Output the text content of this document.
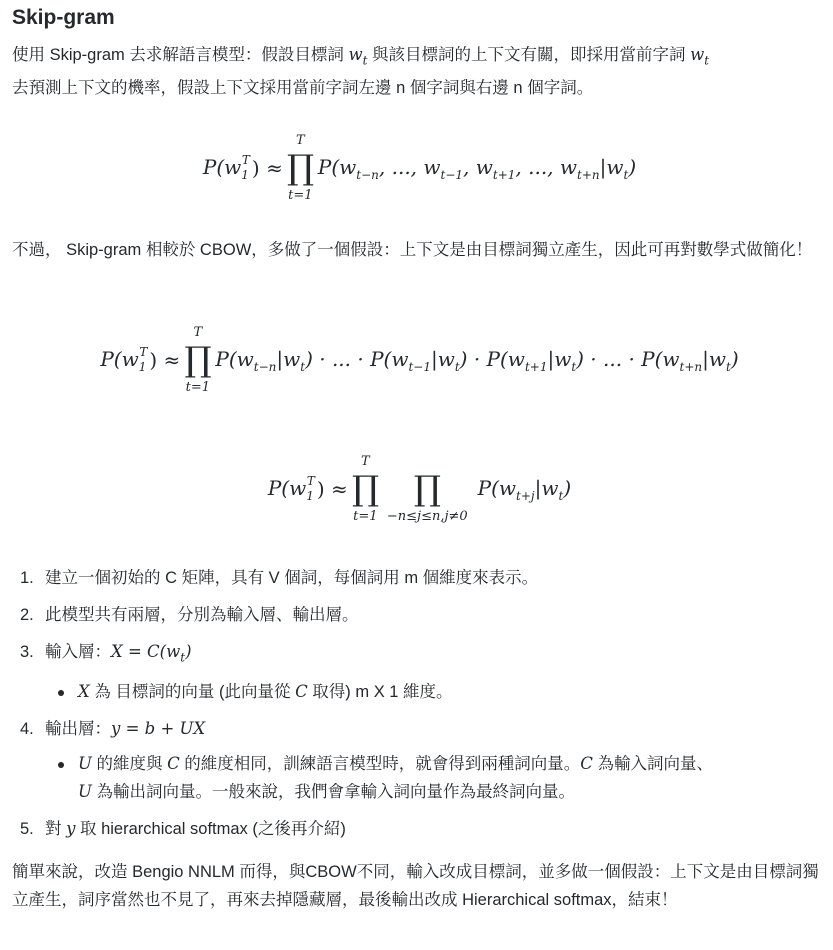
Skip-gram

使用 Skip-gram 去求解語言模型：假設目標詞 $w_t$ 與該目標詞的上下文有關，即採用當前字詞 $w_t$
去預測上下文的機率，假設上下文採用當前字詞左邊 n 個字詞與右邊 n 個字詞。

$P(w_1^T$ ) ≈
T
∏
t=1
$P(w_{t-n}$, ..., $w_{t-1}$, $w_{t+1}$, ..., $w_{t+n}|w_t$)

不過， Skip-gram 相較於 CBOW，多做了一個假設：上下文是由目標詞獨立產生，因此可再對數學式做簡化！

$P(w_1^T$ ) ≈
T
∏
t=1
$P(w_{t-n}|w_t)$ · ... · $P(w_{t-1}|w_t) \cdot P(w_{t+1}|w_t)$ · ... · $P(w_{t+n}|w_t)$
$P(w_1^T$ ) ≈
T
∏
t=1

∏
−n≤j≤n,j≠0
$P(w_{t+j}|w_t)$
1. 建立一個初始的 C 矩陣，具有 V 個詞，每個詞用 m 個維度來表示。
2. 此模型共有兩層，分別為輸入層、輸出層。
3. 輸入層：$X = C(w_t)$
X 為 目標詞的向量 (此向量從 C 取得) m X 1 維度。
4. 輸出層：y = b + UX
U 的維度與 C 的維度相同，訓練語言模型時，就會得到兩種詞向量。C 為輸入詞向量、
U 為輸出詞向量。一般來說，我們會拿輸入詞向量作為最終詞向量。
5. 對 y 取 hierarchical softmax (之後再介紹)

簡單來說，改造 Bengio NNLM 而得，與CBOW不同，輸入改成目標詞，並多做一個假設：上下文是由目標詞獨立產生，詞序當然也不見了，再來去掉隱藏層，最後輸出改成 Hierarchical softmax，結束！
